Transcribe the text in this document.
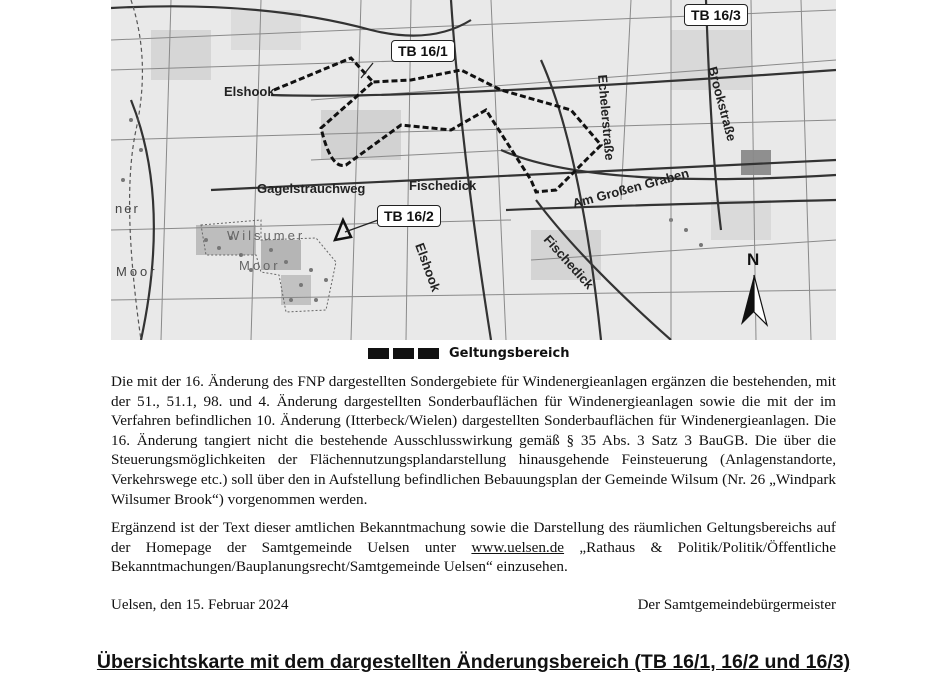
Elshook
Gagelstrauchweg	Fischedick
Elshook
Echelerstraße	Brookstraße
Am Großen Graben
Fischedick
Wilsumer
Moor
Moor
ner
N
TB 16/1
TB 16/2
TB 16/3
Geltungsbereich

Die mit der 16. Änderung des FNP dargestellten Sondergebiete für Windenergieanlagen ergänzen die bestehenden, mit der 51., 51.1, 98. und 4. Änderung dargestellten Sonderbauflächen für Windenergieanlagen sowie die mit der im Verfahren befindlichen 10. Änderung (Itterbeck/Wielen) dargestellten Sonderbauflächen für Windenergieanlagen. Die 16. Änderung tangiert nicht die bestehende Ausschlusswirkung gemäß § 35 Abs. 3 Satz 3 BauGB. Die über die Steuerungsmöglichkeiten der Flächennutzungsplandarstellung hinausgehende Feinsteuerung (Anlagenstandorte, Verkehrswege etc.) soll über den in Aufstellung befindlichen Bebauungsplan der Gemeinde Wilsum (Nr. 26 „Windpark Wilsumer Brook“) vorgenommen werden.

Ergänzend ist der Text dieser amtlichen Bekanntmachung sowie die Darstellung des räumlichen Geltungsbereichs auf der Homepage der Samtgemeinde Uelsen unter www.uelsen.de „Rathaus & Politik/Politik/Öffentliche Bekanntmachungen/Bauplanungsrecht/Samtgemeinde Uelsen“ einzusehen.

Uelsen, den 15. Februar 2024	Der Samtgemeindebürgermeister
Übersichtskarte mit dem dargestellten Änderungsbereich (TB 16/1, 16/2 und 16/3)
